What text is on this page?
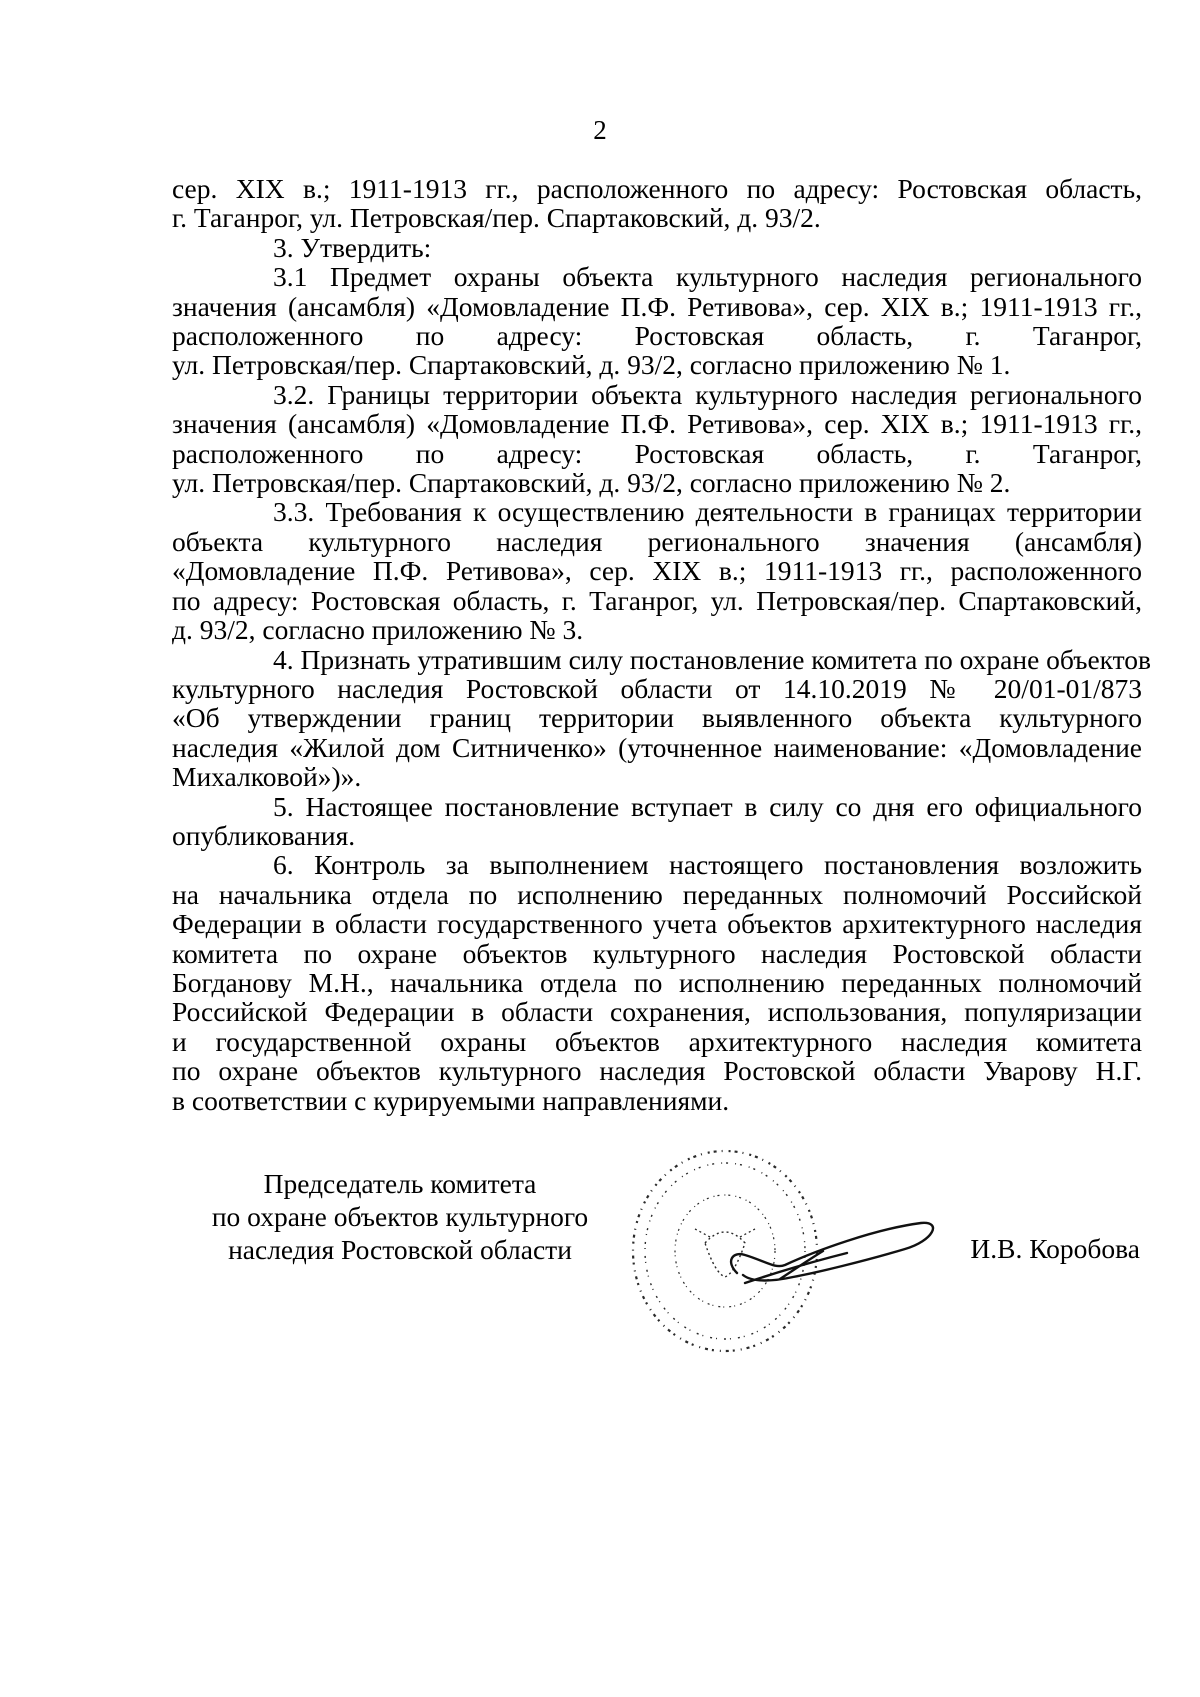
2
сер. XIX в.; 1911-1913 гг., расположенного по адресу: Ростовская область,
г. Таганрог, ул. Петровская/пер. Спартаковский, д. 93/2.
3. Утвердить:
3.1 Предмет охраны объекта культурного наследия регионального
значения (ансамбля) «Домовладение П.Ф. Ретивова», сер. XIX в.; 1911-1913 гг.,
расположенного по адресу: Ростовская область, г. Таганрог,
ул. Петровская/пер. Спартаковский, д. 93/2, согласно приложению № 1.
3.2. Границы территории объекта культурного наследия регионального
значения (ансамбля) «Домовладение П.Ф. Ретивова», сер. XIX в.; 1911-1913 гг.,
расположенного по адресу: Ростовская область, г. Таганрог,
ул. Петровская/пер. Спартаковский, д. 93/2, согласно приложению № 2.
3.3. Требования к осуществлению деятельности в границах территории
объекта культурного наследия регионального значения (ансамбля)
«Домовладение П.Ф. Ретивова», сер. XIX в.; 1911-1913 гг., расположенного
по адресу: Ростовская область, г. Таганрог, ул. Петровская/пер. Спартаковский,
д. 93/2, согласно приложению № 3.
4. Признать утратившим силу постановление комитета по охране объектов
культурного наследия Ростовской области от 14.10.2019 № 20/01-01/873
«Об утверждении границ территории выявленного объекта культурного
наследия «Жилой дом Ситниченко» (уточненное наименование: «Домовладение
Михалковой»)».
5. Настоящее постановление вступает в силу со дня его официального
опубликования.
6. Контроль за выполнением настоящего постановления возложить
на начальника отдела по исполнению переданных полномочий Российской
Федерации в области государственного учета объектов архитектурного наследия
комитета по охране объектов культурного наследия Ростовской области
Богданову М.Н., начальника отдела по исполнению переданных полномочий
Российской Федерации в области сохранения, использования, популяризации
и государственной охраны объектов архитектурного наследия комитета
по охране объектов культурного наследия Ростовской области Уварову Н.Г.
в соответствии с курируемыми направлениями.
Председатель комитета
по охране объектов культурного
наследия Ростовской области	И.В. Коробова
